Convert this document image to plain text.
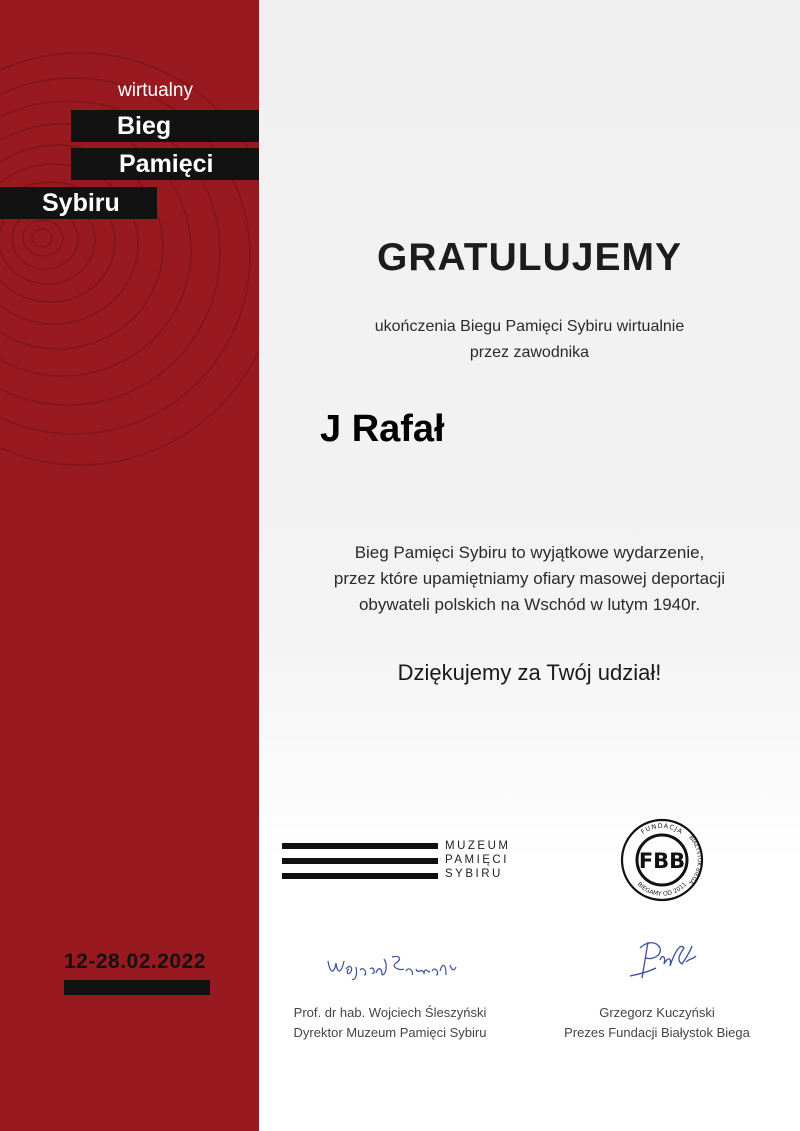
wirtualny
Bieg
Pamięci
Sybiru
12-28.02.2022
GRATULUJEMY
ukończenia Biegu Pamięci Sybiru wirtualnie
przez zawodnika
J Rafał
Bieg Pamięci Sybiru to wyjątkowe wydarzenie,
przez które upamiętniamy ofiary masowej deportacji
obywateli polskich na Wschód w lutym 1940r.
Dziękujemy za Twój udział!
MUZEUM
PAMIĘCI
SYBIRU
FBB
FUNDACJA
BIAŁYSTOK BIEGA
BIEGAMY OD 2011
Prof. dr hab. Wojciech Śleszyński
Dyrektor Muzeum Pamięci Sybiru
Grzegorz Kuczyński
Prezes Fundacji Białystok Biega
